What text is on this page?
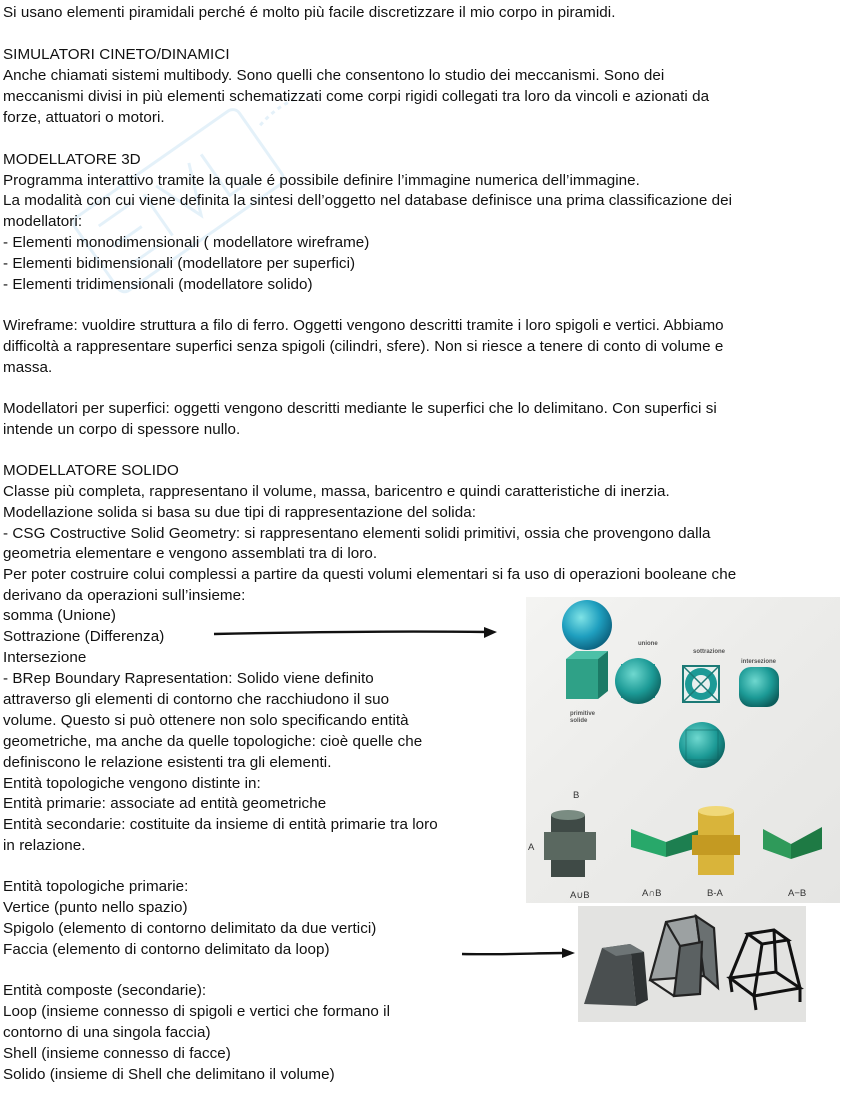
Si usano elementi piramidali perché é molto più facile discretizzare il mio corpo in piramidi.
SIMULATORI CINETO/DINAMICI
Anche chiamati sistemi multibody. Sono quelli che consentono lo studio dei meccanismi. Sono dei
meccanismi divisi in più elementi schematizzati come corpi rigidi collegati tra loro da vincoli e azionati da
forze, attuatori o motori.
MODELLATORE 3D
Programma interattivo tramite la quale é possibile definire l’immagine numerica dell’immagine.
La modalità con cui viene definita la sintesi dell’oggetto nel database definisce una prima classificazione dei
modellatori:
- Elementi monodimensionali ( modellatore wireframe)
- Elementi bidimensionali (modellatore per superfici)
- Elementi tridimensionali (modellatore solido)
Wireframe: vuoldire struttura a filo di ferro. Oggetti vengono descritti tramite i loro spigoli e vertici. Abbiamo
difficoltà a rappresentare superfici senza spigoli (cilindri, sfere). Non si riesce a tenere di conto di volume e
massa.
Modellatori per superfici: oggetti vengono descritti mediante le superfici che lo delimitano. Con superfici si
intende un corpo di spessore nullo.
MODELLATORE SOLIDO
Classe più completa, rappresentano il volume, massa, baricentro e quindi caratteristiche di inerzia.
Modellazione solida si basa su due tipi di rappresentazione del solida:
- CSG Costructive Solid Geometry: si rappresentano elementi solidi primitivi, ossia che provengono dalla
geometria elementare e vengono assemblati tra di loro.
Per poter costruire colui complessi a partire da questi volumi elementari si fa uso di operazioni booleane che
derivano da operazioni sull’insieme:
somma (Unione)
Sottrazione (Differenza)
Intersezione
- BRep Boundary Rapresentation: Solido viene definito
attraverso gli elementi di contorno che racchiudono il suo
volume. Questo si può ottenere non solo specificando entità
geometriche, ma anche da quelle topologiche: cioè quelle che
definiscono le relazione esistenti tra gli elementi.
Entità topologiche vengono distinte in:
Entità primarie: associate ad entità geometriche
Entità secondarie: costituite da insieme di entità primarie tra loro
in relazione.
Entità topologiche primarie:
Vertice (punto nello spazio)
Spigolo (elemento di contorno delimitato da due vertici)
Faccia (elemento di contorno delimitato da loop)
Entità composte (secondarie):
Loop (insieme connesso di spigoli e vertici che formano il
contorno di una singola faccia)
Shell (insieme connesso di facce)
Solido (insieme di Shell che delimitano il volume)
unione
sottrazione
intersezione
primitive
solide
B
A
A∪B	A∩B	B-A	A−B
